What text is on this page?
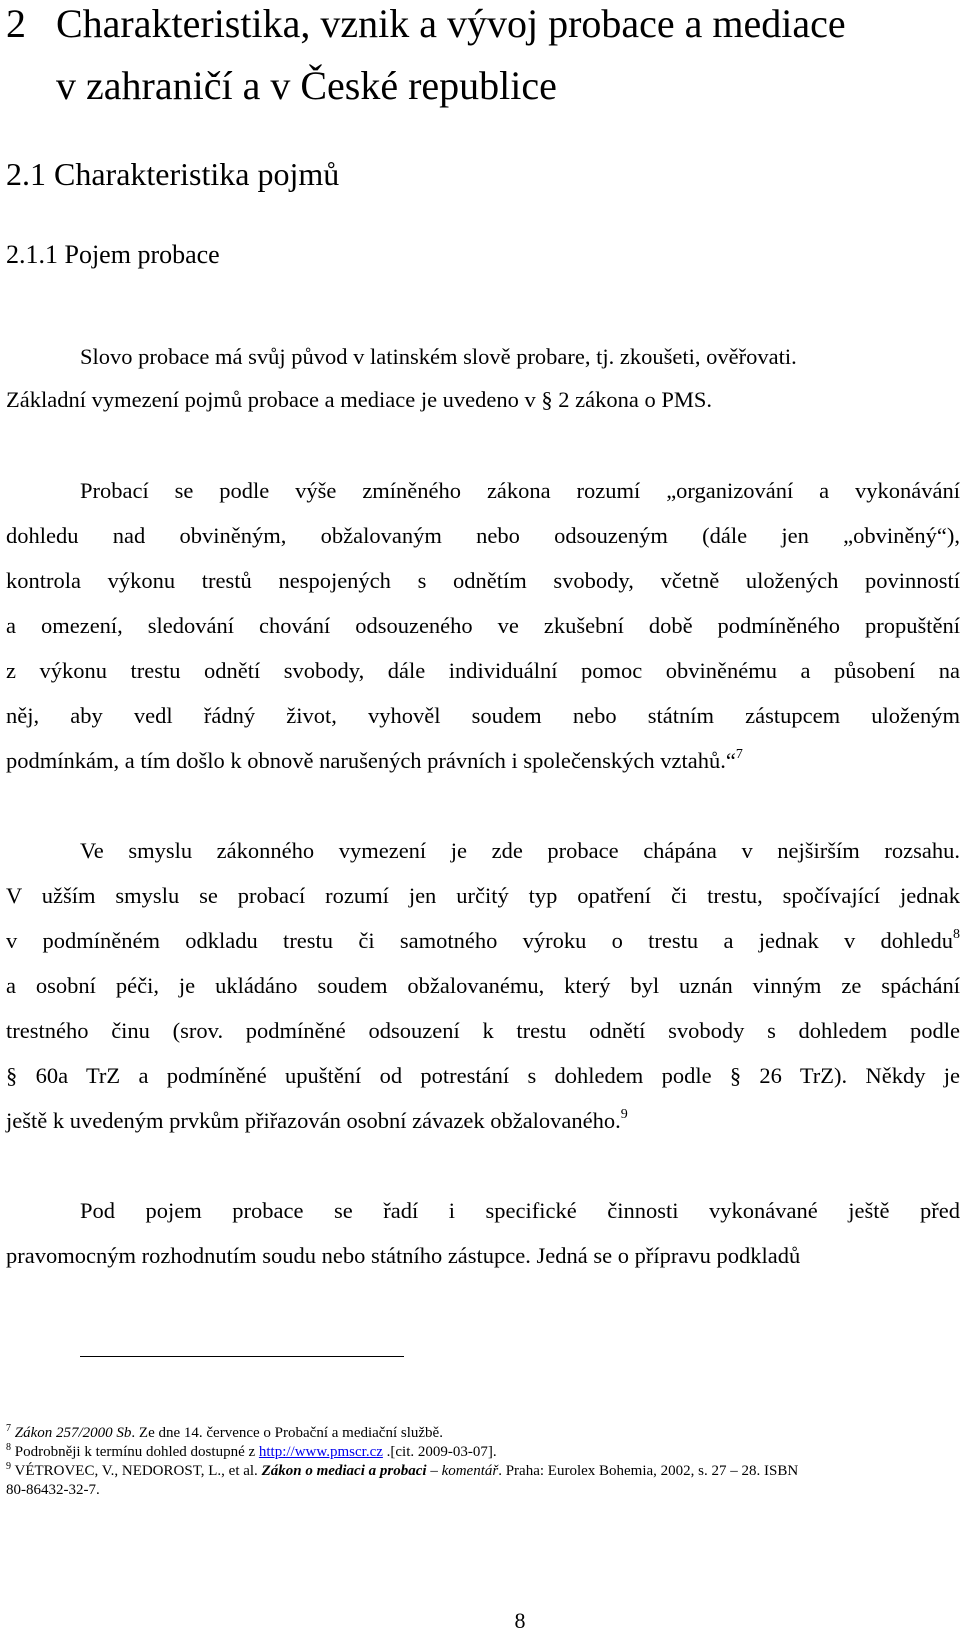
2 Charakteristika, vznik a vývoj probace a mediace
v zahraničí a v České republice
2.1 Charakteristika pojmů
2.1.1 Pojem probace
Slovo probace má svůj původ v latinském slově probare, tj. zkoušeti, ověřovati.
Základní vymezení pojmů probace a mediace je uvedeno v § 2 zákona o PMS.
Probací se podle výše zmíněného zákona rozumí „organizování a vykonávání
dohledu nad obviněným, obžalovaným nebo odsouzeným (dále jen „obviněný“),
kontrola výkonu trestů nespojených s odnětím svobody, včetně uložených povinností
a omezení, sledování chování odsouzeného ve zkušební době podmíněného propuštění
z výkonu trestu odnětí svobody, dále individuální pomoc obviněnému a působení na
něj, aby vedl řádný život, vyhověl soudem nebo státním zástupcem uloženým
podmínkám, a tím došlo k obnově narušených právních i společenských vztahů.“$^7$
Ve smyslu zákonného vymezení je zde probace chápána v nejširším rozsahu.
V užším smyslu se probací rozumí jen určitý typ opatření či trestu, spočívající jednak
v podmíněném odkladu trestu či samotného výroku o trestu a jednak v dohledu$^8$
a osobní péči, je ukládáno soudem obžalovanému, který byl uznán vinným ze spáchání
trestného činu (srov. podmíněné odsouzení k trestu odnětí svobody s dohledem podle
§ 60a TrZ a podmíněné upuštění od potrestání s dohledem podle § 26 TrZ). Někdy je
ještě k uvedeným prvkům přiřazován osobní závazek obžalovaného.$^9$
Pod pojem probace se řadí i specifické činnosti vykonávané ještě před
pravomocným rozhodnutím soudu nebo státního zástupce. Jedná se o přípravu podkladů
$^7$ Zákon 257/2000 Sb. Ze dne 14. července o Probační a mediační službě.
$^8$ Podrobněji k termínu dohled dostupné z http://www.pmscr.cz .[cit. 2009-03-07].
$^9$ VÉTROVEC, V., NEDOROST, L., et al. Zákon o mediaci a probaci – komentář. Praha: Eurolex Bohemia, 2002, s. 27 – 28. ISBN
80-86432-32-7.
8
